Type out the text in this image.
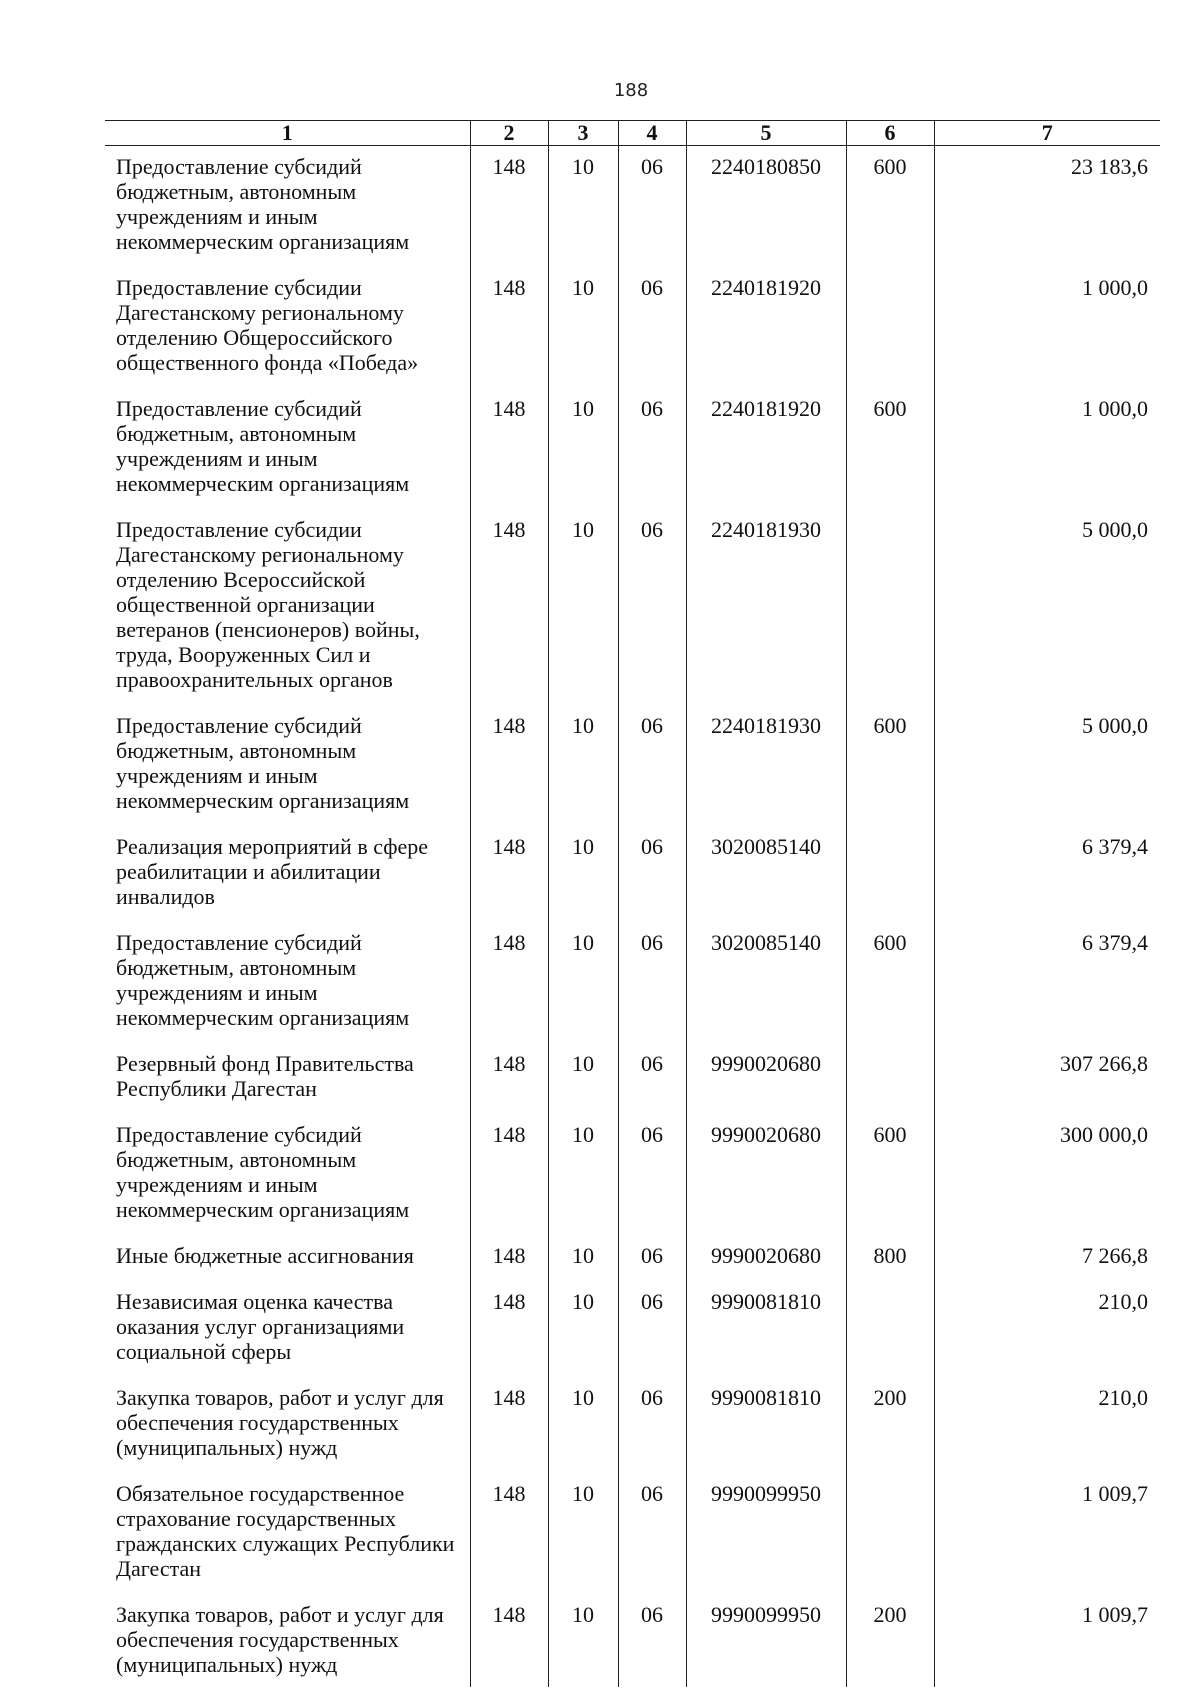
188
1	2	3	4	5	6	7
Предоставление субсидий бюджетным, автономным учреждениям и иным некоммерческим организациям	148	10	06	2240180850	600	23 183,6
Предоставление субсидии Дагестанскому региональному отделению Общероссийского общественного фонда «Победа»	148	10	06	2240181920		1 000,0
Предоставление субсидий бюджетным, автономным учреждениям и иным некоммерческим организациям	148	10	06	2240181920	600	1 000,0
Предоставление субсидии Дагестанскому региональному отделению Всероссийской общественной организации ветеранов (пенсионеров) войны, труда, Вооруженных Сил и правоохранительных органов	148	10	06	2240181930		5 000,0
Предоставление субсидий бюджетным, автономным учреждениям и иным некоммерческим организациям	148	10	06	2240181930	600	5 000,0
Реализация мероприятий в сфере реабилитации и абилитации инвалидов	148	10	06	3020085140		6 379,4
Предоставление субсидий бюджетным, автономным учреждениям и иным некоммерческим организациям	148	10	06	3020085140	600	6 379,4
Резервный фонд Правительства Республики Дагестан	148	10	06	9990020680		307 266,8
Предоставление субсидий бюджетным, автономным учреждениям и иным некоммерческим организациям	148	10	06	9990020680	600	300 000,0
Иные бюджетные ассигнования	148	10	06	9990020680	800	7 266,8
Независимая оценка качества оказания услуг организациями социальной сферы	148	10	06	9990081810		210,0
Закупка товаров, работ и услуг для обеспечения государственных (муниципальных) нужд	148	10	06	9990081810	200	210,0
Обязательное государственное страхование государственных гражданских служащих Республики Дагестан	148	10	06	9990099950		1 009,7
Закупка товаров, работ и услуг для обеспечения государственных (муниципальных) нужд	148	10	06	9990099950	200	1 009,7
